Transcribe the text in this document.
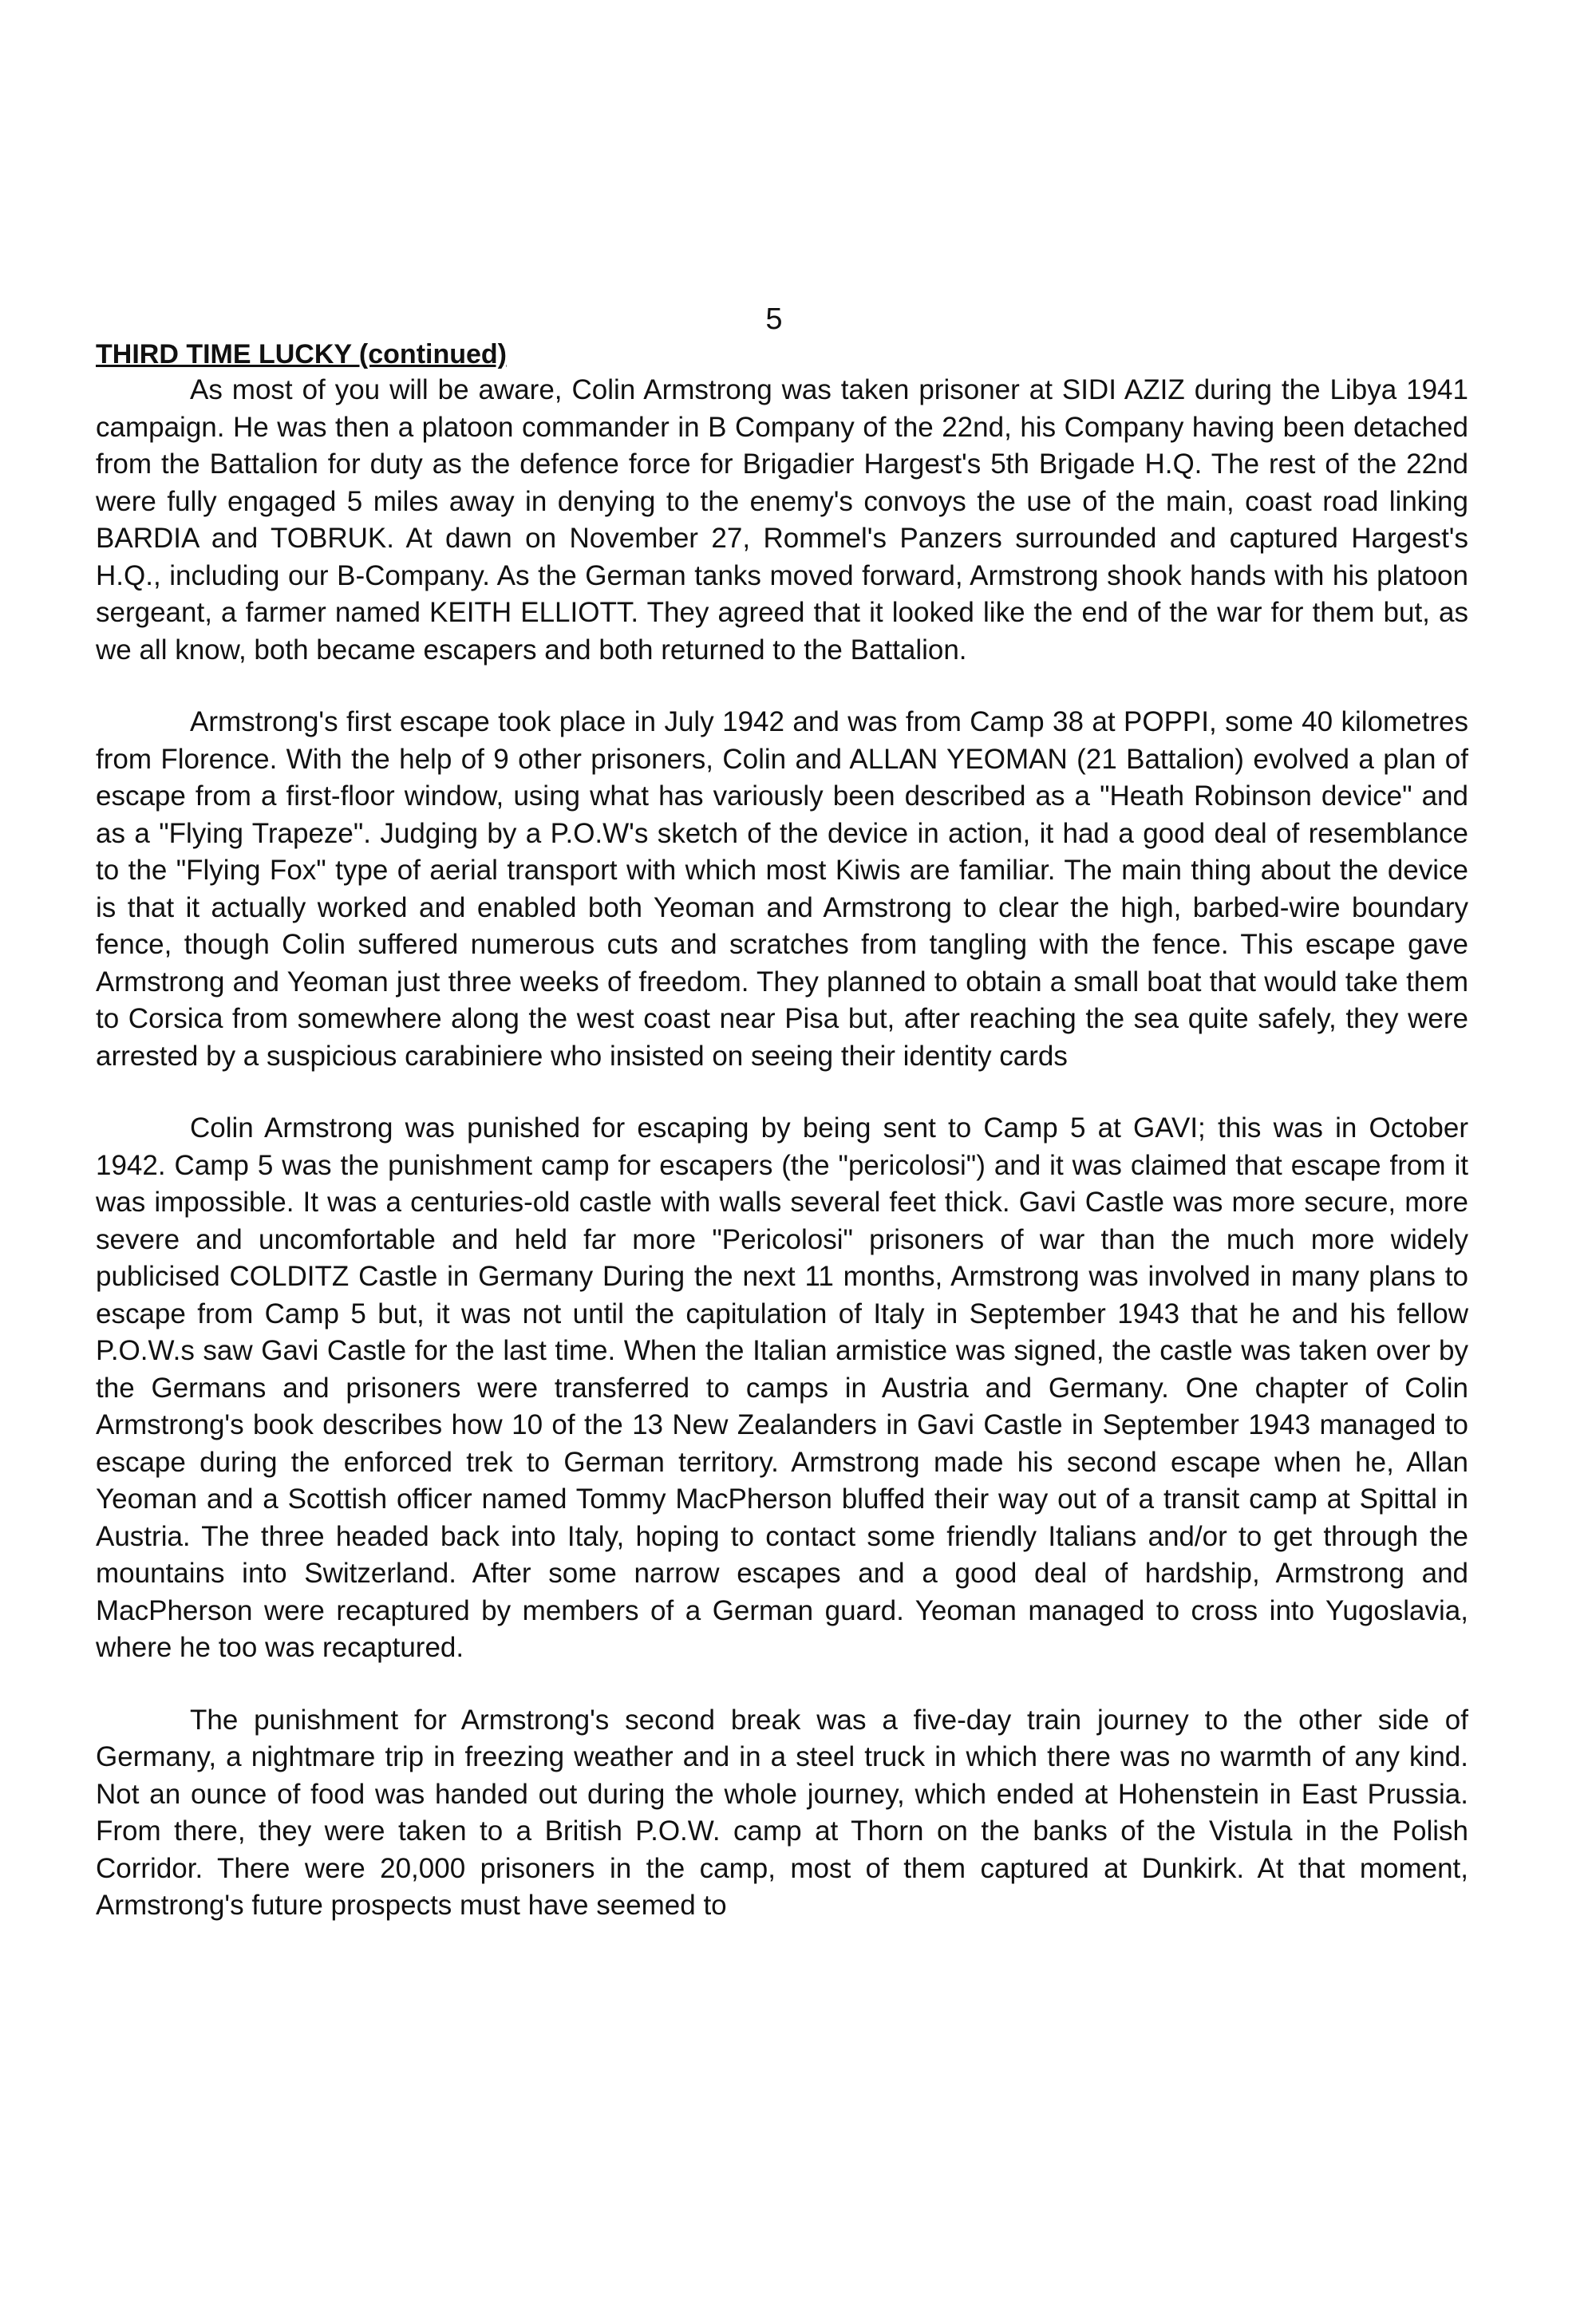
5

THIRD TIME LUCKY (continued)

As most of you will be aware, Colin Armstrong was taken prisoner at SIDI AZIZ during the Libya 1941 campaign. He was then a platoon commander in B Company of the 22nd, his Company having been detached from the Battalion for duty as the defence force for Brigadier Hargest's 5th Brigade H.Q. The rest of the 22nd were fully engaged 5 miles away in denying to the enemy's convoys the use of the main, coast road linking BARDIA and TOBRUK. At dawn on November 27, Rommel's Panzers surrounded and captured Hargest's H.Q., including our B-Company. As the German tanks moved forward, Armstrong shook hands with his platoon sergeant, a farmer named KEITH ELLIOTT. They agreed that it looked like the end of the war for them but, as we all know, both became escapers and both returned to the Battalion.

Armstrong's first escape took place in July 1942 and was from Camp 38 at POPPI, some 40 kilometres from Florence. With the help of 9 other prisoners, Colin and ALLAN YEOMAN (21 Battalion) evolved a plan of escape from a first-floor window, using what has variously been described as a "Heath Robinson device" and as a "Flying Trapeze". Judging by a P.O.W's sketch of the device in action, it had a good deal of resemblance to the "Flying Fox" type of aerial transport with which most Kiwis are familiar. The main thing about the device is that it actually worked and enabled both Yeoman and Armstrong to clear the high, barbed-wire boundary fence, though Colin suffered numerous cuts and scratches from tangling with the fence. This escape gave Armstrong and Yeoman just three weeks of freedom. They planned to obtain a small boat that would take them to Corsica from somewhere along the west coast near Pisa but, after reaching the sea quite safely, they were arrested by a suspicious carabiniere who insisted on seeing their identity cards

Colin Armstrong was punished for escaping by being sent to Camp 5 at GAVI; this was in October 1942. Camp 5 was the punishment camp for escapers (the "pericolosi") and it was claimed that escape from it was impossible. It was a centuries-old castle with walls several feet thick. Gavi Castle was more secure, more severe and uncomfortable and held far more "Pericolosi" prisoners of war than the much more widely publicised COLDITZ Castle in Germany During the next 11 months, Armstrong was involved in many plans to escape from Camp 5 but, it was not until the capitulation of Italy in September 1943 that he and his fellow P.O.W.s saw Gavi Castle for the last time. When the Italian armistice was signed, the castle was taken over by the Germans and prisoners were transferred to camps in Austria and Germany. One chapter of Colin Armstrong's book describes how 10 of the 13 New Zealanders in Gavi Castle in September 1943 managed to escape during the enforced trek to German territory. Armstrong made his second escape when he, Allan Yeoman and a Scottish officer named Tommy MacPherson bluffed their way out of a transit camp at Spittal in Austria. The three headed back into Italy, hoping to contact some friendly Italians and/or to get through the mountains into Switzerland. After some narrow escapes and a good deal of hardship, Armstrong and MacPherson were recaptured by members of a German guard. Yeoman managed to cross into Yugoslavia, where he too was recaptured.

The punishment for Armstrong's second break was a five-day train journey to the other side of Germany, a nightmare trip in freezing weather and in a steel truck in which there was no warmth of any kind. Not an ounce of food was handed out during the whole journey, which ended at Hohenstein in East Prussia. From there, they were taken to a British P.O.W. camp at Thorn on the banks of the Vistula in the Polish Corridor. There were 20,000 prisoners in the camp, most of them captured at Dunkirk. At that moment, Armstrong's future prospects must have seemed to
